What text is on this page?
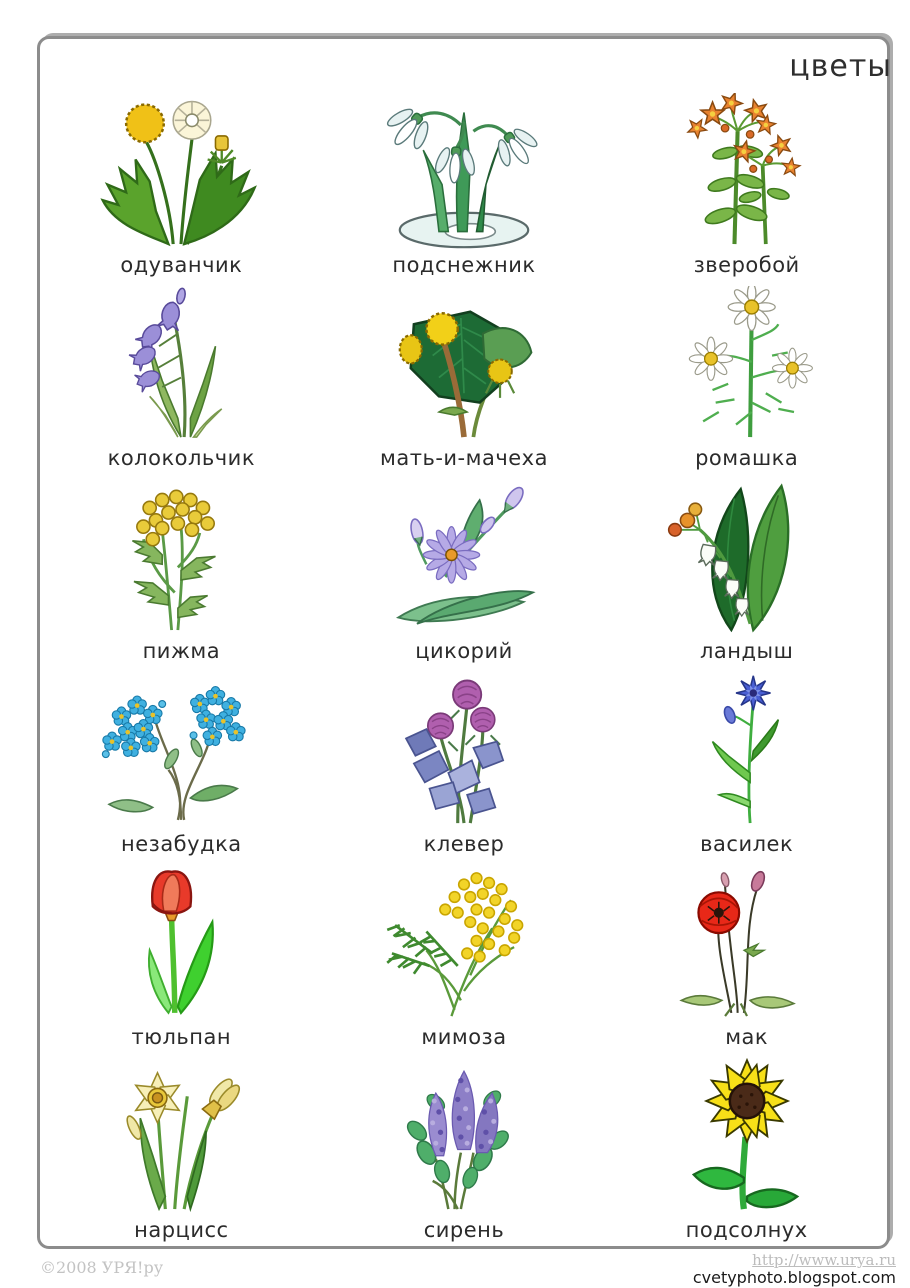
цветы
одуванчик	подснежник	зверобой
колокольчик	мать-и-мачеха	ромашка
пижма	цикорий	ландыш
незабудка	клевер	василек
тюльпан	мимоза	мак
нарцисс	сирень	подсолнух
©2008 УРЯ!ру	http://www.urya.ru
cvetyphoto.blogspot.com
